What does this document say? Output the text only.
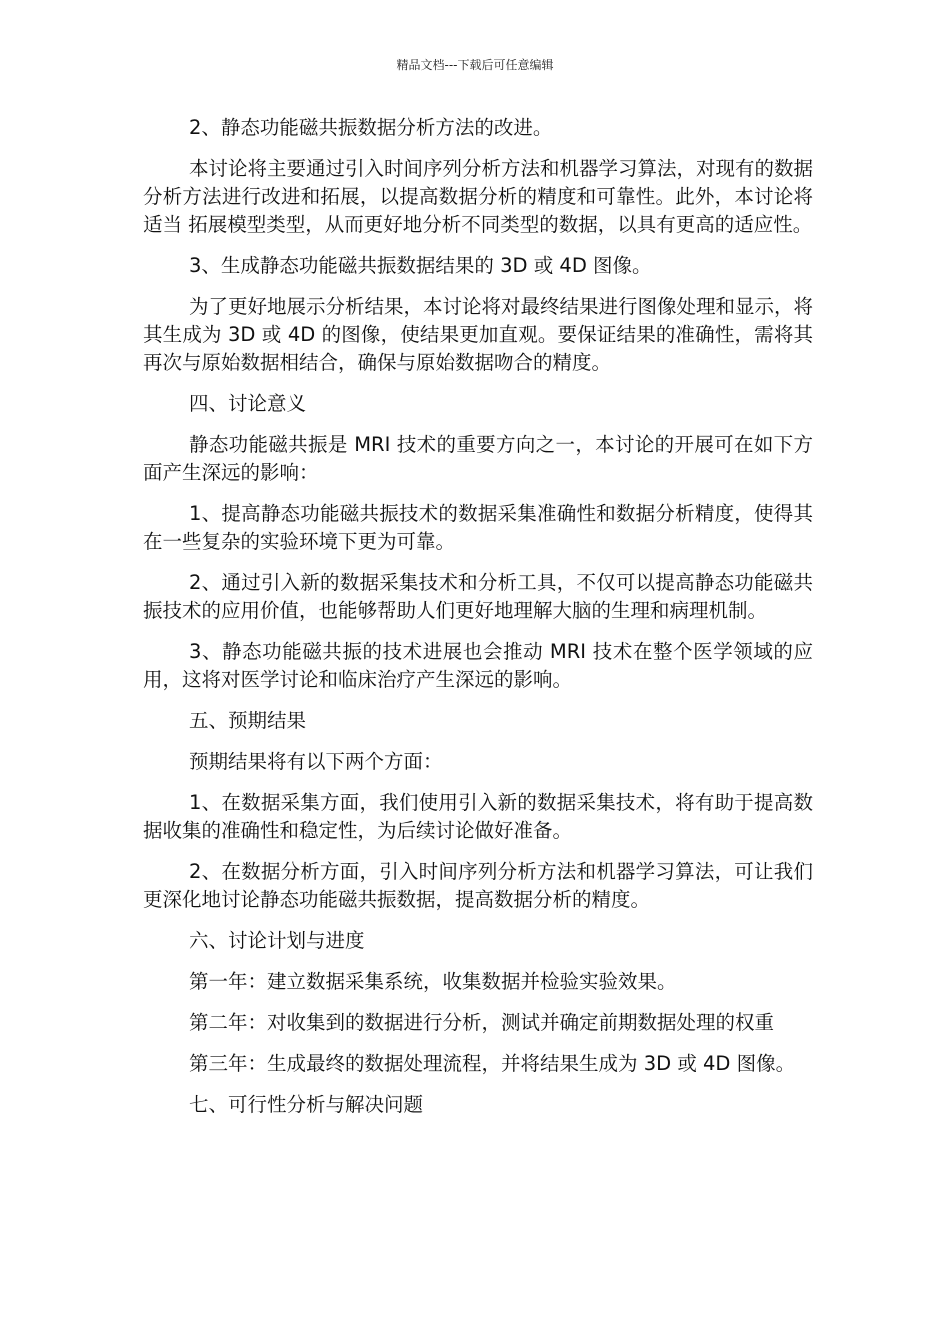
精品文档---下载后可任意编辑

2、静态功能磁共振数据分析方法的改进。

本讨论将主要通过引入时间序列分析方法和机器学习算法，对现有的数据分析方法进行改进和拓展，以提高数据分析的精度和可靠性。此外，本讨论将适当 拓展模型类型，从而更好地分析不同类型的数据，以具有更高的适应性。

3、生成静态功能磁共振数据结果的 3D 或 4D 图像。

为了更好地展示分析结果，本讨论将对最终结果进行图像处理和显示，将其生成为 3D 或 4D 的图像，使结果更加直观。要保证结果的准确性，需将其再次与原始数据相结合，确保与原始数据吻合的精度。

四、讨论意义

静态功能磁共振是 MRI 技术的重要方向之一，本讨论的开展可在如下方面产生深远的影响：

1、提高静态功能磁共振技术的数据采集准确性和数据分析精度，使得其在一些复杂的实验环境下更为可靠。

2、通过引入新的数据采集技术和分析工具，不仅可以提高静态功能磁共振技术的应用价值，也能够帮助人们更好地理解大脑的生理和病理机制。

3、静态功能磁共振的技术进展也会推动 MRI 技术在整个医学领域的应用，这将对医学讨论和临床治疗产生深远的影响。

五、预期结果

预期结果将有以下两个方面：

1、在数据采集方面，我们使用引入新的数据采集技术，将有助于提高数据收集的准确性和稳定性，为后续讨论做好准备。

2、在数据分析方面，引入时间序列分析方法和机器学习算法，可让我们更深化地讨论静态功能磁共振数据，提高数据分析的精度。

六、讨论计划与进度

第一年：建立数据采集系统，收集数据并检验实验效果。

第二年：对收集到的数据进行分析，测试并确定前期数据处理的权重

第三年：生成最终的数据处理流程，并将结果生成为 3D 或 4D 图像。

七、可行性分析与解决问题
